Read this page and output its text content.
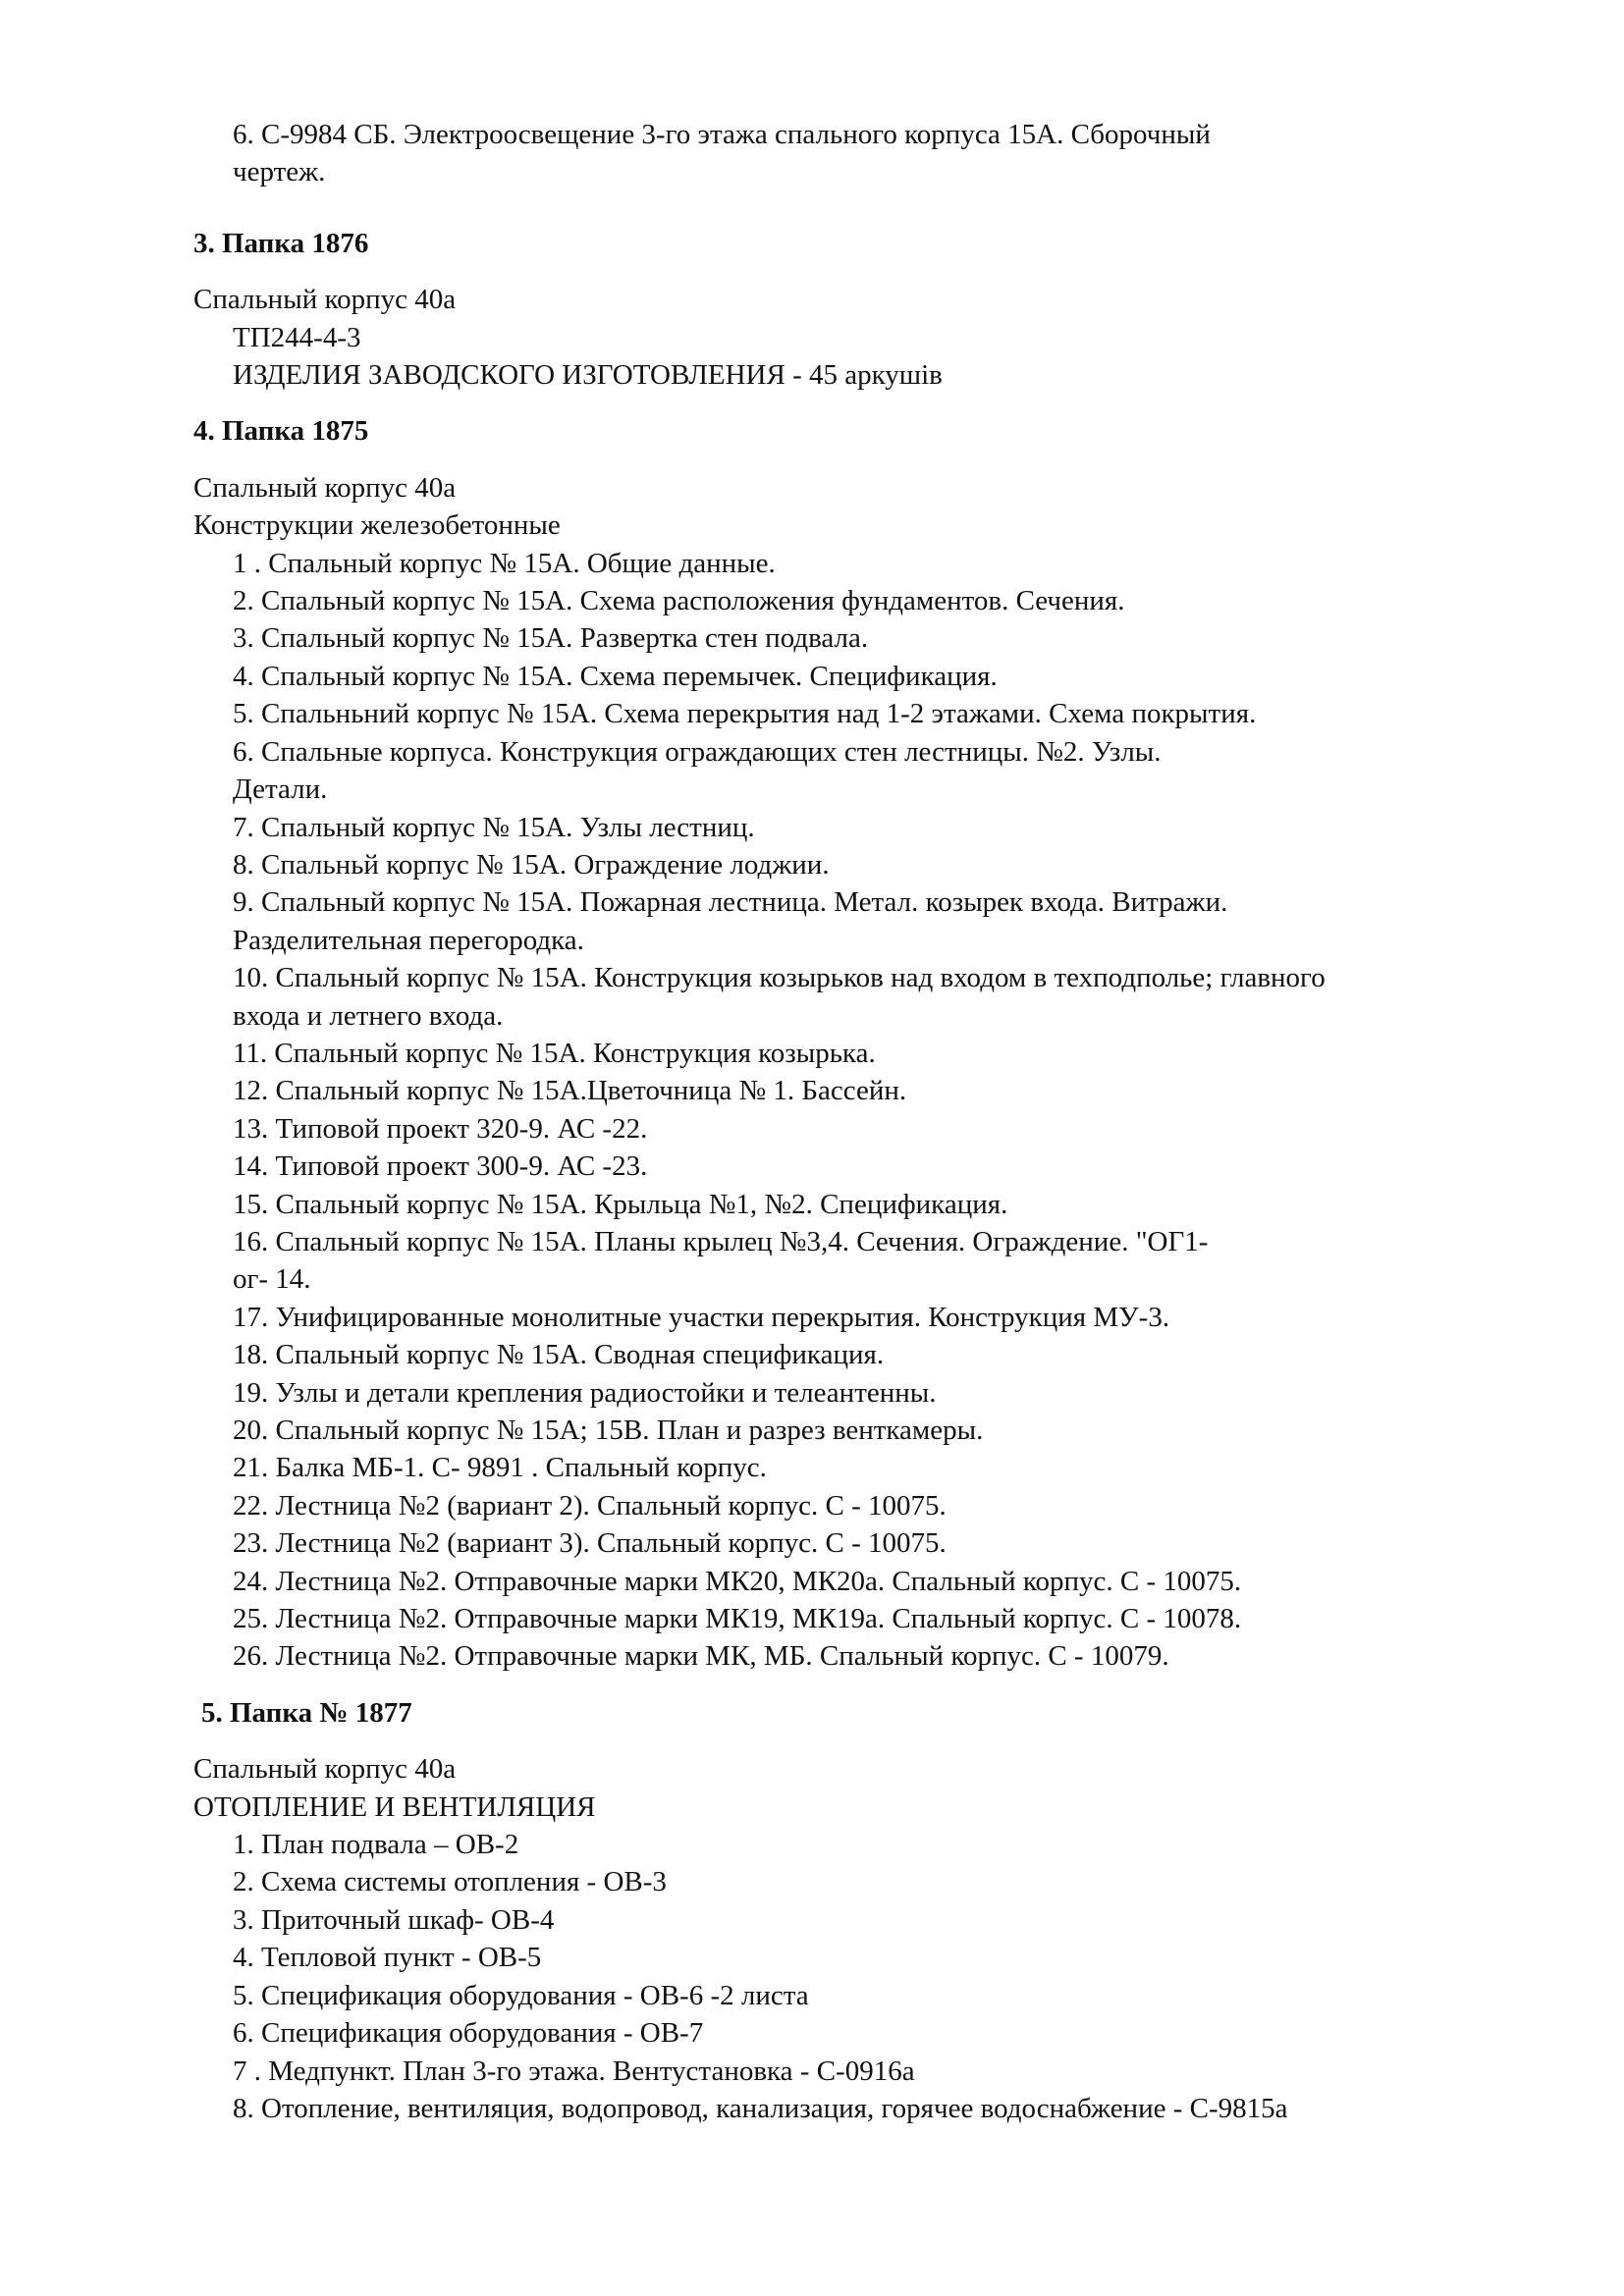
6. С-9984 СБ. Электроосвещение 3-го этажа спального корпуса 15А. Сборочный
чертеж.
3. Папка 1876
Спальный корпус 40а
ТП244-4-3
ИЗДЕЛИЯ ЗАВОДСКОГО ИЗГОТОВЛЕНИЯ - 45 аркушів
4. Папка 1875
Спальный корпус 40а
Конструкции железобетонные
1 . Спальный корпус № 15А. Общие данные.
2. Спальный корпус № 15А. Схема расположения фундаментов. Сечения.
3. Спальный корпус № 15А. Развертка стен подвала.
4. Спальный корпус № 15А. Схема перемычек. Спецификация.
5. Спальньний корпус № 15А. Схема перекрытия над 1-2 этажами. Схема покрытия.
6. Спальные корпуса. Конструкция ограждающих стен лестницы. №2. Узлы.
Детали.
7. Спальный корпус № 15А. Узлы лестниц.
8. Спальньй корпус № 15А. Ограждение лоджии.
9. Спальный корпус № 15А. Пожарная лестница. Метал. козырек входа. Витражи.
Разделительная перегородка.
10. Спальный корпус № 15А. Конструкция козырьков над входом в техподполье; главного
входа и летнего входа.
11. Спальный корпус № 15А. Конструкция козырька.
12. Спальный корпус № 15А.Цветочница № 1. Бассейн.
13. Типовой проект 320-9. АС -22.
14. Типовой проект 300-9. АС -23.
15. Спальный корпус № 15А. Крыльца №1, №2. Спецификация.
16. Спальный корпус № 15А. Планы крылец №3,4. Сечения. Ограждение. "ОГ1-
ог- 14.
17. Унифицированные монолитные участки перекрытия. Конструкция МУ-3.
18. Спальный корпус № 15А. Сводная спецификация.
19. Узлы и детали крепления радиостойки и телеантенны.
20. Спальный корпус № 15А; 15В. План и разрез венткамеры.
21. Балка МБ-1. С- 9891 . Спальный корпус.
22. Лестница №2 (вариант 2). Спальный корпус. С - 10075.
23. Лестница №2 (вариант 3). Спальный корпус. С - 10075.
24. Лестница №2. Отправочные марки МК20, МК20а. Спальный корпус. С - 10075.
25. Лестница №2. Отправочные марки МК19, МК19а. Спальный корпус. С - 10078.
26. Лестница №2. Отправочные марки МК, МБ. Спальный корпус. С - 10079.
5. Папка № 1877
Спальный корпус 40а
ОТОПЛЕНИЕ И ВЕНТИЛЯЦИЯ
1. План подвала – ОВ-2
2. Схема системы отопления - ОВ-3
3. Приточный шкаф- ОВ-4
4. Тепловой пункт - ОВ-5
5. Спецификация оборудования - ОВ-6 -2 листа
6. Спецификация оборудования - ОВ-7
7 . Медпункт. План 3-го этажа. Вентустановка - С-0916а
8. Отопление, вентиляция, водопровод, канализация, горячее водоснабжение - С-9815а
